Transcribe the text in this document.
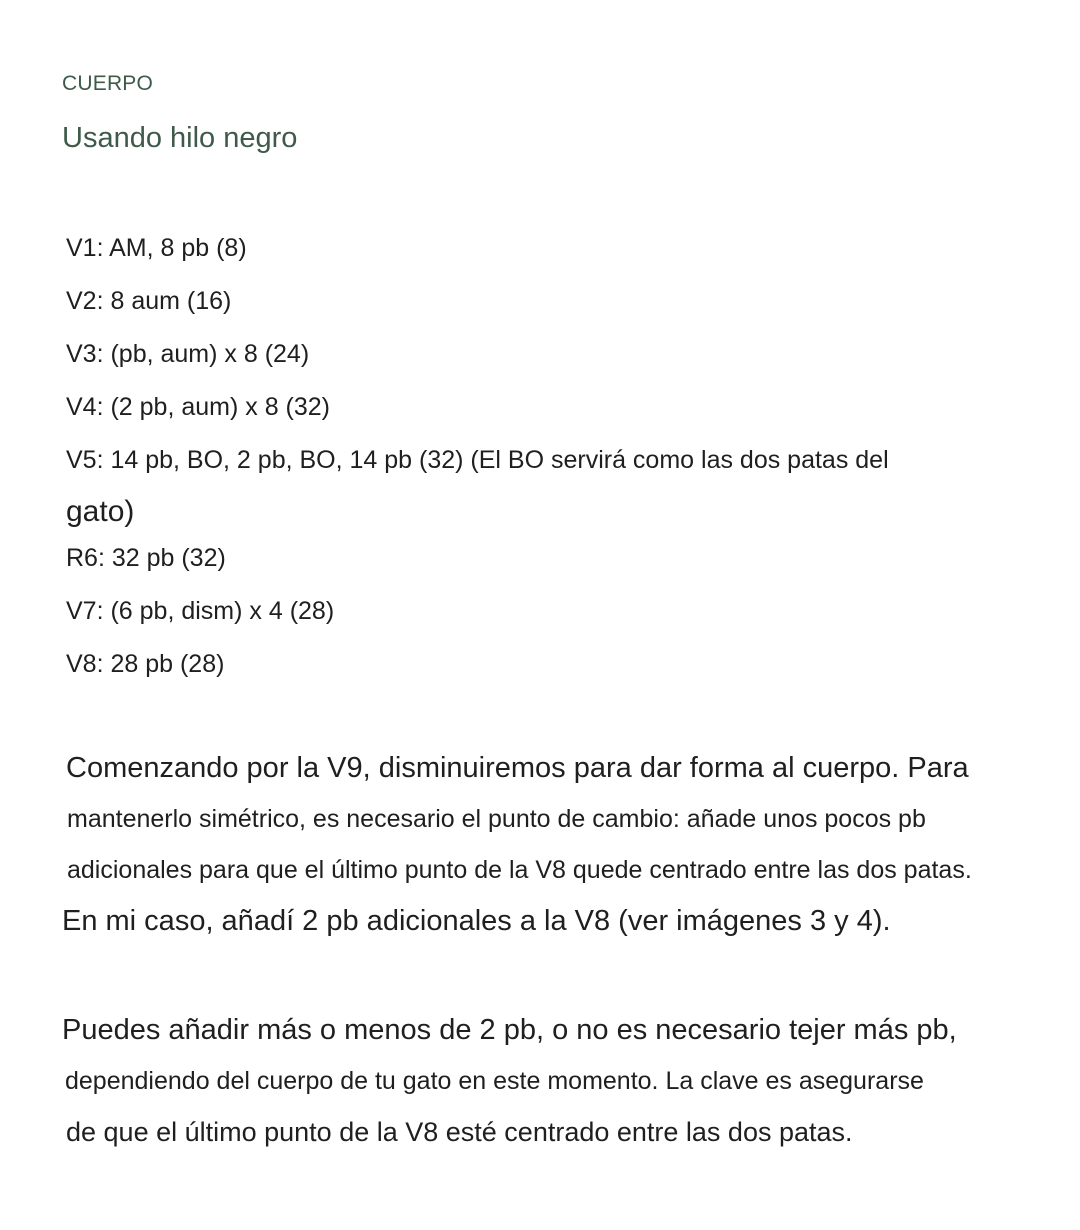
CUERPO
Usando hilo negro
V1: AM, 8 pb (8)
V2: 8 aum (16)
V3: (pb, aum) x 8 (24)
V4: (2 pb, aum) x 8 (32)
V5: 14 pb, BO, 2 pb, BO, 14 pb (32) (El BO servirá como las dos patas del
gato)
R6: 32 pb (32)
V7: (6 pb, dism) x 4 (28)
V8: 28 pb (28)
Comenzando por la V9, disminuiremos para dar forma al cuerpo. Para
mantenerlo simétrico, es necesario el punto de cambio: añade unos pocos pb
adicionales para que el último punto de la V8 quede centrado entre las dos patas.
En mi caso, añadí 2 pb adicionales a la V8 (ver imágenes 3 y 4).
Puedes añadir más o menos de 2 pb, o no es necesario tejer más pb,
dependiendo del cuerpo de tu gato en este momento. La clave es asegurarse
de que el último punto de la V8 esté centrado entre las dos patas.
